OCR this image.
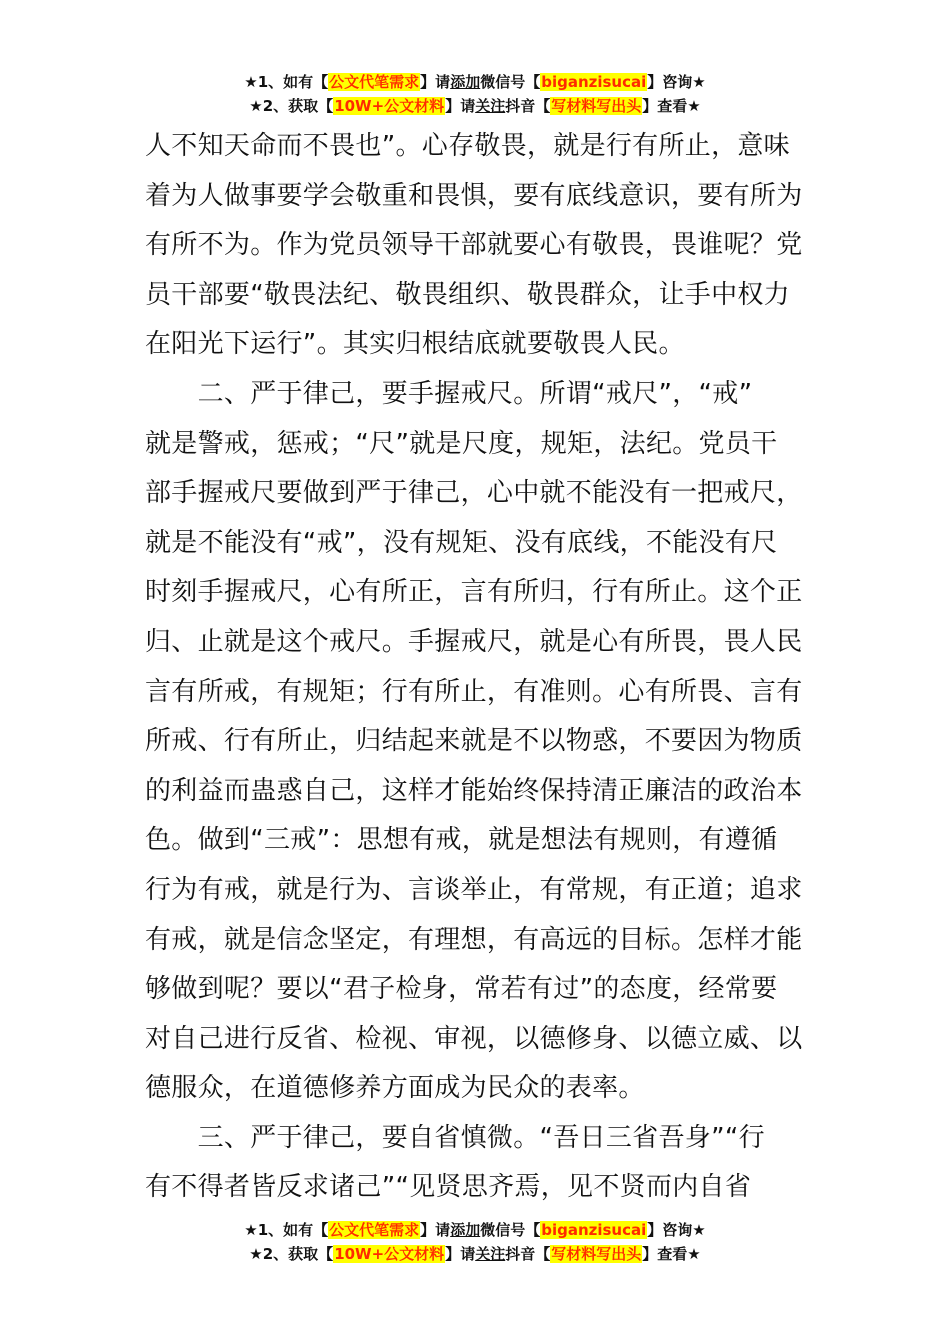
★1、如有【公文代笔需求】请添加微信号【biganzisucai】咨询★
★2、获取【10W+公文材料】请关注抖音【写材料写出头】查看★
人不知天命而不畏也”。心存敬畏，就是行有所止，意味
着为人做事要学会敬重和畏惧，要有底线意识，要有所为
有所不为。作为党员领导干部就要心有敬畏，畏谁呢？党
员干部要“敬畏法纪、敬畏组织、敬畏群众，让手中权力
在阳光下运行”。其实归根结底就要敬畏人民。
　　二、严于律己，要手握戒尺。所谓“戒尺”，“戒”
就是警戒，惩戒；“尺”就是尺度，规矩，法纪。党员干
部手握戒尺要做到严于律己，心中就不能没有一把戒尺，
就是不能没有“戒”，没有规矩、没有底线，不能没有尺
时刻手握戒尺，心有所正，言有所归，行有所止。这个正
归、止就是这个戒尺。手握戒尺，就是心有所畏，畏人民
言有所戒，有规矩；行有所止，有准则。心有所畏、言有
所戒、行有所止，归结起来就是不以物惑，不要因为物质
的利益而蛊惑自己，这样才能始终保持清正廉洁的政治本
色。做到“三戒”：思想有戒，就是想法有规则，有遵循
行为有戒，就是行为、言谈举止，有常规，有正道；追求
有戒，就是信念坚定，有理想，有高远的目标。怎样才能
够做到呢？要以“君子检身，常若有过”的态度，经常要
对自己进行反省、检视、审视，以德修身、以德立威、以
德服众，在道德修养方面成为民众的表率。
　　三、严于律己，要自省慎微。“吾日三省吾身”“行
有不得者皆反求诸己”“见贤思齐焉，见不贤而内自省
★1、如有【公文代笔需求】请添加微信号【biganzisucai】咨询★
★2、获取【10W+公文材料】请关注抖音【写材料写出头】查看★
